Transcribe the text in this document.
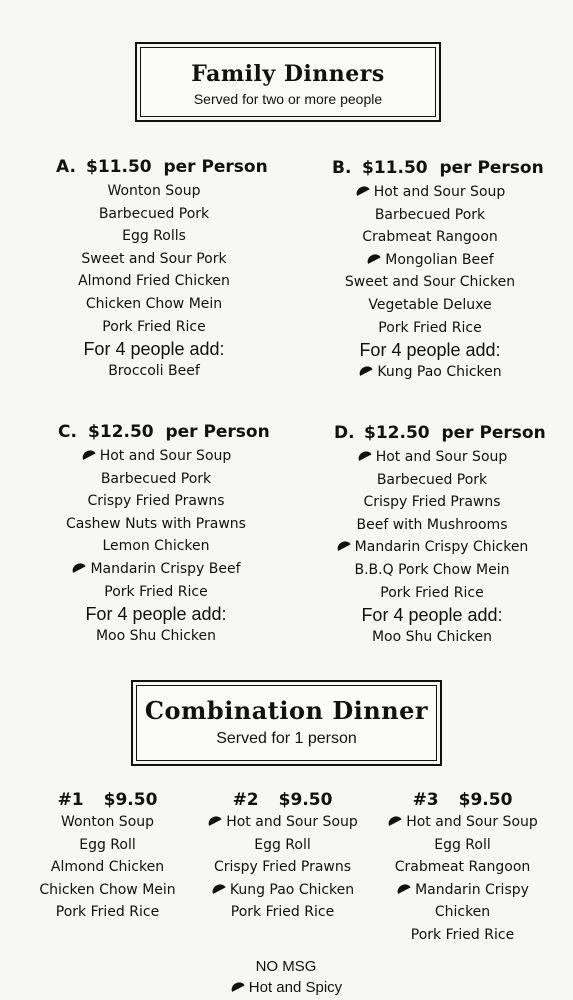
Family Dinners
Served for two or more people
A. $11.50  per Person
Wonton Soup
Barbecued Pork
Egg Rolls
Sweet and Sour Pork
Almond Fried Chicken
Chicken Chow Mein
Pork Fried Rice
For 4 people add:
Broccoli Beef
B. $11.50  per Person
Hot and Sour Soup
Barbecued Pork
Crabmeat Rangoon
Mongolian Beef
Sweet and Sour Chicken
Vegetable Deluxe
Pork Fried Rice
For 4 people add:
Kung Pao Chicken
C. $12.50  per Person
Hot and Sour Soup
Barbecued Pork
Crispy Fried Prawns
Cashew Nuts with Prawns
Lemon Chicken
Mandarin Crispy Beef
Pork Fried Rice
For 4 people add:
Moo Shu Chicken
D. $12.50  per Person
Hot and Sour Soup
Barbecued Pork
Crispy Fried Prawns
Beef with Mushrooms
Mandarin Crispy Chicken
B.B.Q Pork Chow Mein
Pork Fried Rice
For 4 people add:
Moo Shu Chicken
Combination Dinner
Served for 1 person
#1 $9.50
Wonton Soup
Egg Roll
Almond Chicken
Chicken Chow Mein
Pork Fried Rice
#2 $9.50
Hot and Sour Soup
Egg Roll
Crispy Fried Prawns
Kung Pao Chicken
Pork Fried Rice
#3 $9.50
Hot and Sour Soup
Egg Roll
Crabmeat Rangoon
Mandarin Crispy
Chicken
Pork Fried Rice
NO MSG
Hot and Spicy
